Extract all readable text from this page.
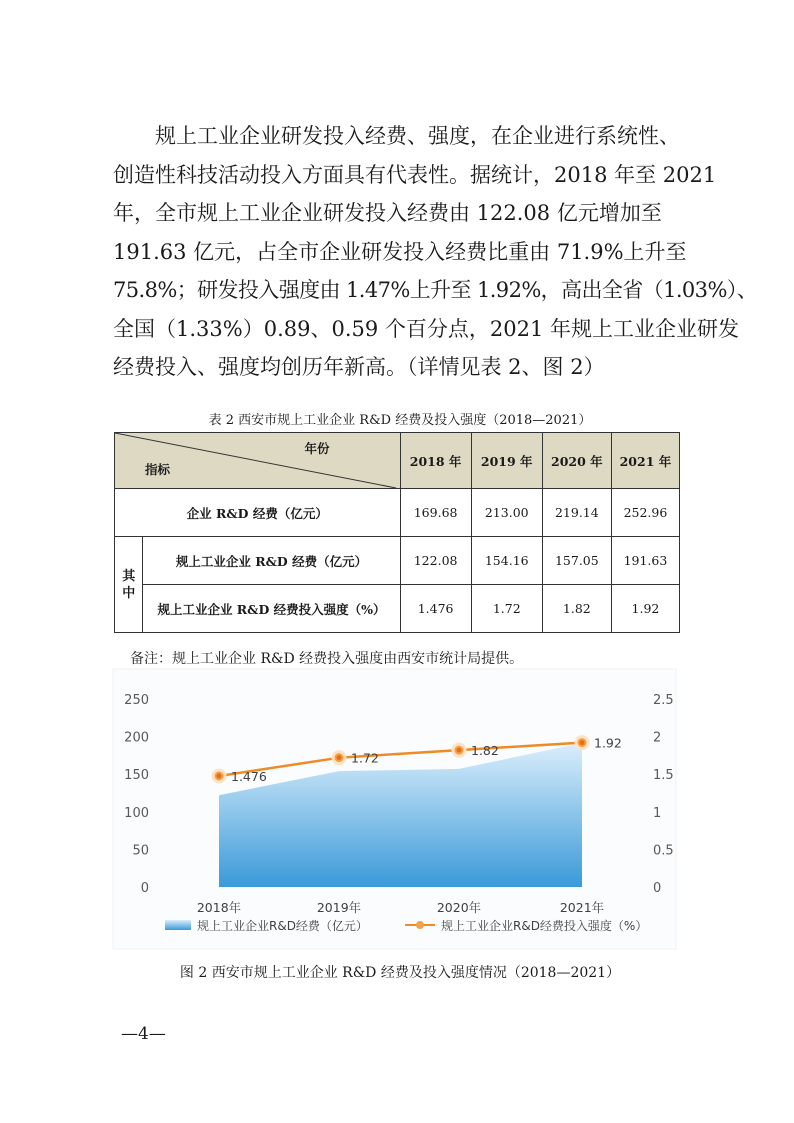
规上工业企业研发投入经费、强度，在企业进行系统性、
创造性科技活动投入方面具有代表性。据统计，2018 年至 2021
年，全市规上工业企业研发投入经费由 122.08 亿元增加至
191.63 亿元，占全市企业研发投入经费比重由 71.9%上升至
75.8%；研发投入强度由 1.47%上升至 1.92%，高出全省（1.03%）、
全国（1.33%）0.89、0.59 个百分点，2021 年规上工业企业研发
经费投入、强度均创历年新高。（详情见表 2、图 2）
表 2 西安市规上工业企业 R&D 经费及投入强度（2018—2021）
年份
指标		2018 年	2019 年	2020 年	2021 年
企业 R&D 经费（亿元）		169.68	213.00	219.14	252.96

其中	规上工业企业 R&D 经费（亿元）	122.08	154.16	157.05	191.63
	规上工业企业 R&D 经费投入强度（%）	1.476	1.72	1.82	1.92
备注：规上工业企业 R&D 经费投入强度由西安市统计局提供。
0
50
100
150
200
250
0
0.5
1
1.5
2
2.5
2018年	2019年	2020年	2021年
1.476
1.72
1.82
1.92
规上工业企业R&D经费（亿元）	规上工业企业R&D经费投入强度（%）
图 2 西安市规上工业企业 R&D 经费及投入强度情况（2018—2021）
—4—
